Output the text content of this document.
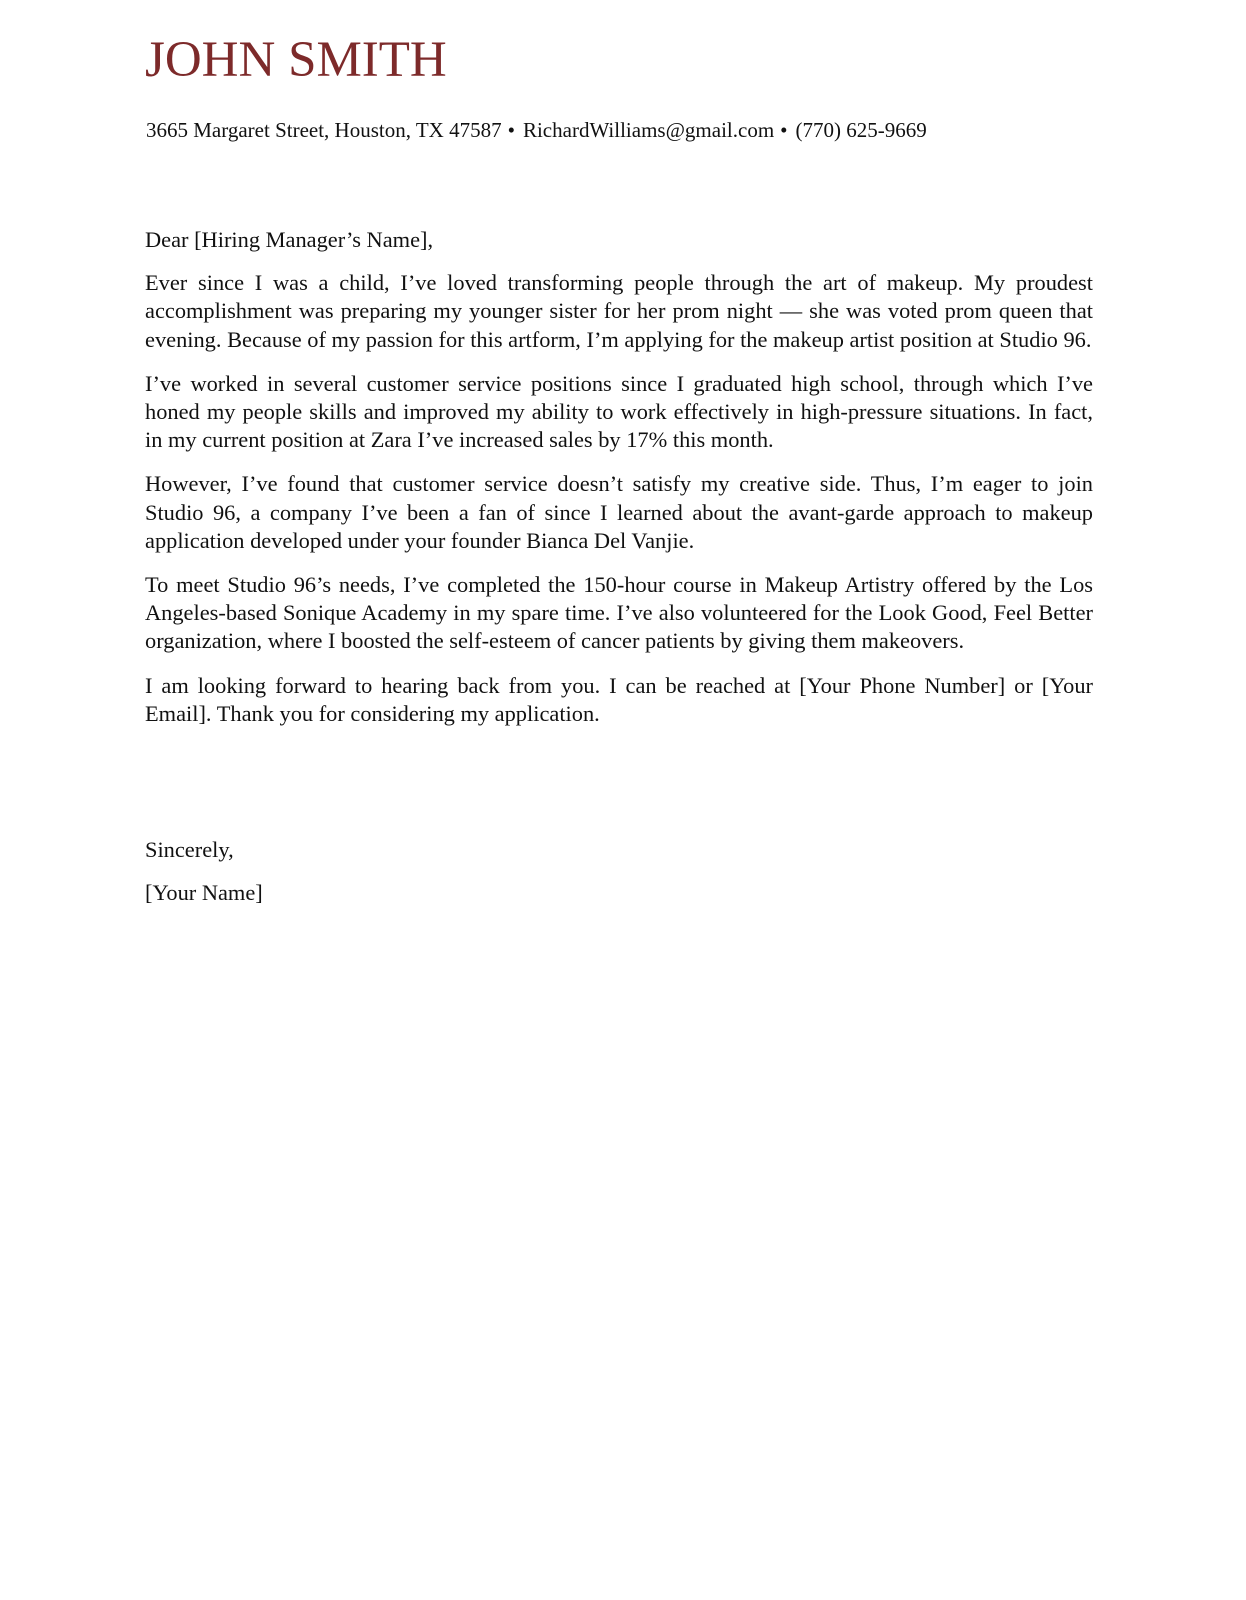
JOHN SMITH
3665 Margaret Street, Houston, TX 47587 • RichardWilliams@gmail.com • (770) 625-9669

Dear [Hiring Manager’s Name],

Ever since I was a child, I’ve loved transforming people through the art of makeup. My proudest accomplishment was preparing my younger sister for her prom night — she was voted prom queen that evening. Because of my passion for this artform, I’m applying for the makeup artist position at Studio 96.

I’ve worked in several customer service positions since I graduated high school, through which I’ve honed my people skills and improved my ability to work effectively in high-pressure situations. In fact, in my current position at Zara I’ve increased sales by 17% this month.

However, I’ve found that customer service doesn’t satisfy my creative side. Thus, I’m eager to join Studio 96, a company I’ve been a fan of since I learned about the avant-garde approach to makeup application developed under your founder Bianca Del Vanjie.

To meet Studio 96’s needs, I’ve completed the 150-hour course in Makeup Artistry offered by the Los Angeles-based Sonique Academy in my spare time. I’ve also volunteered for the Look Good, Feel Better organization, where I boosted the self-esteem of cancer patients by giving them makeovers.

I am looking forward to hearing back from you. I can be reached at [Your Phone Number] or [Your Email]. Thank you for considering my application.

Sincerely,
[Your Name]
